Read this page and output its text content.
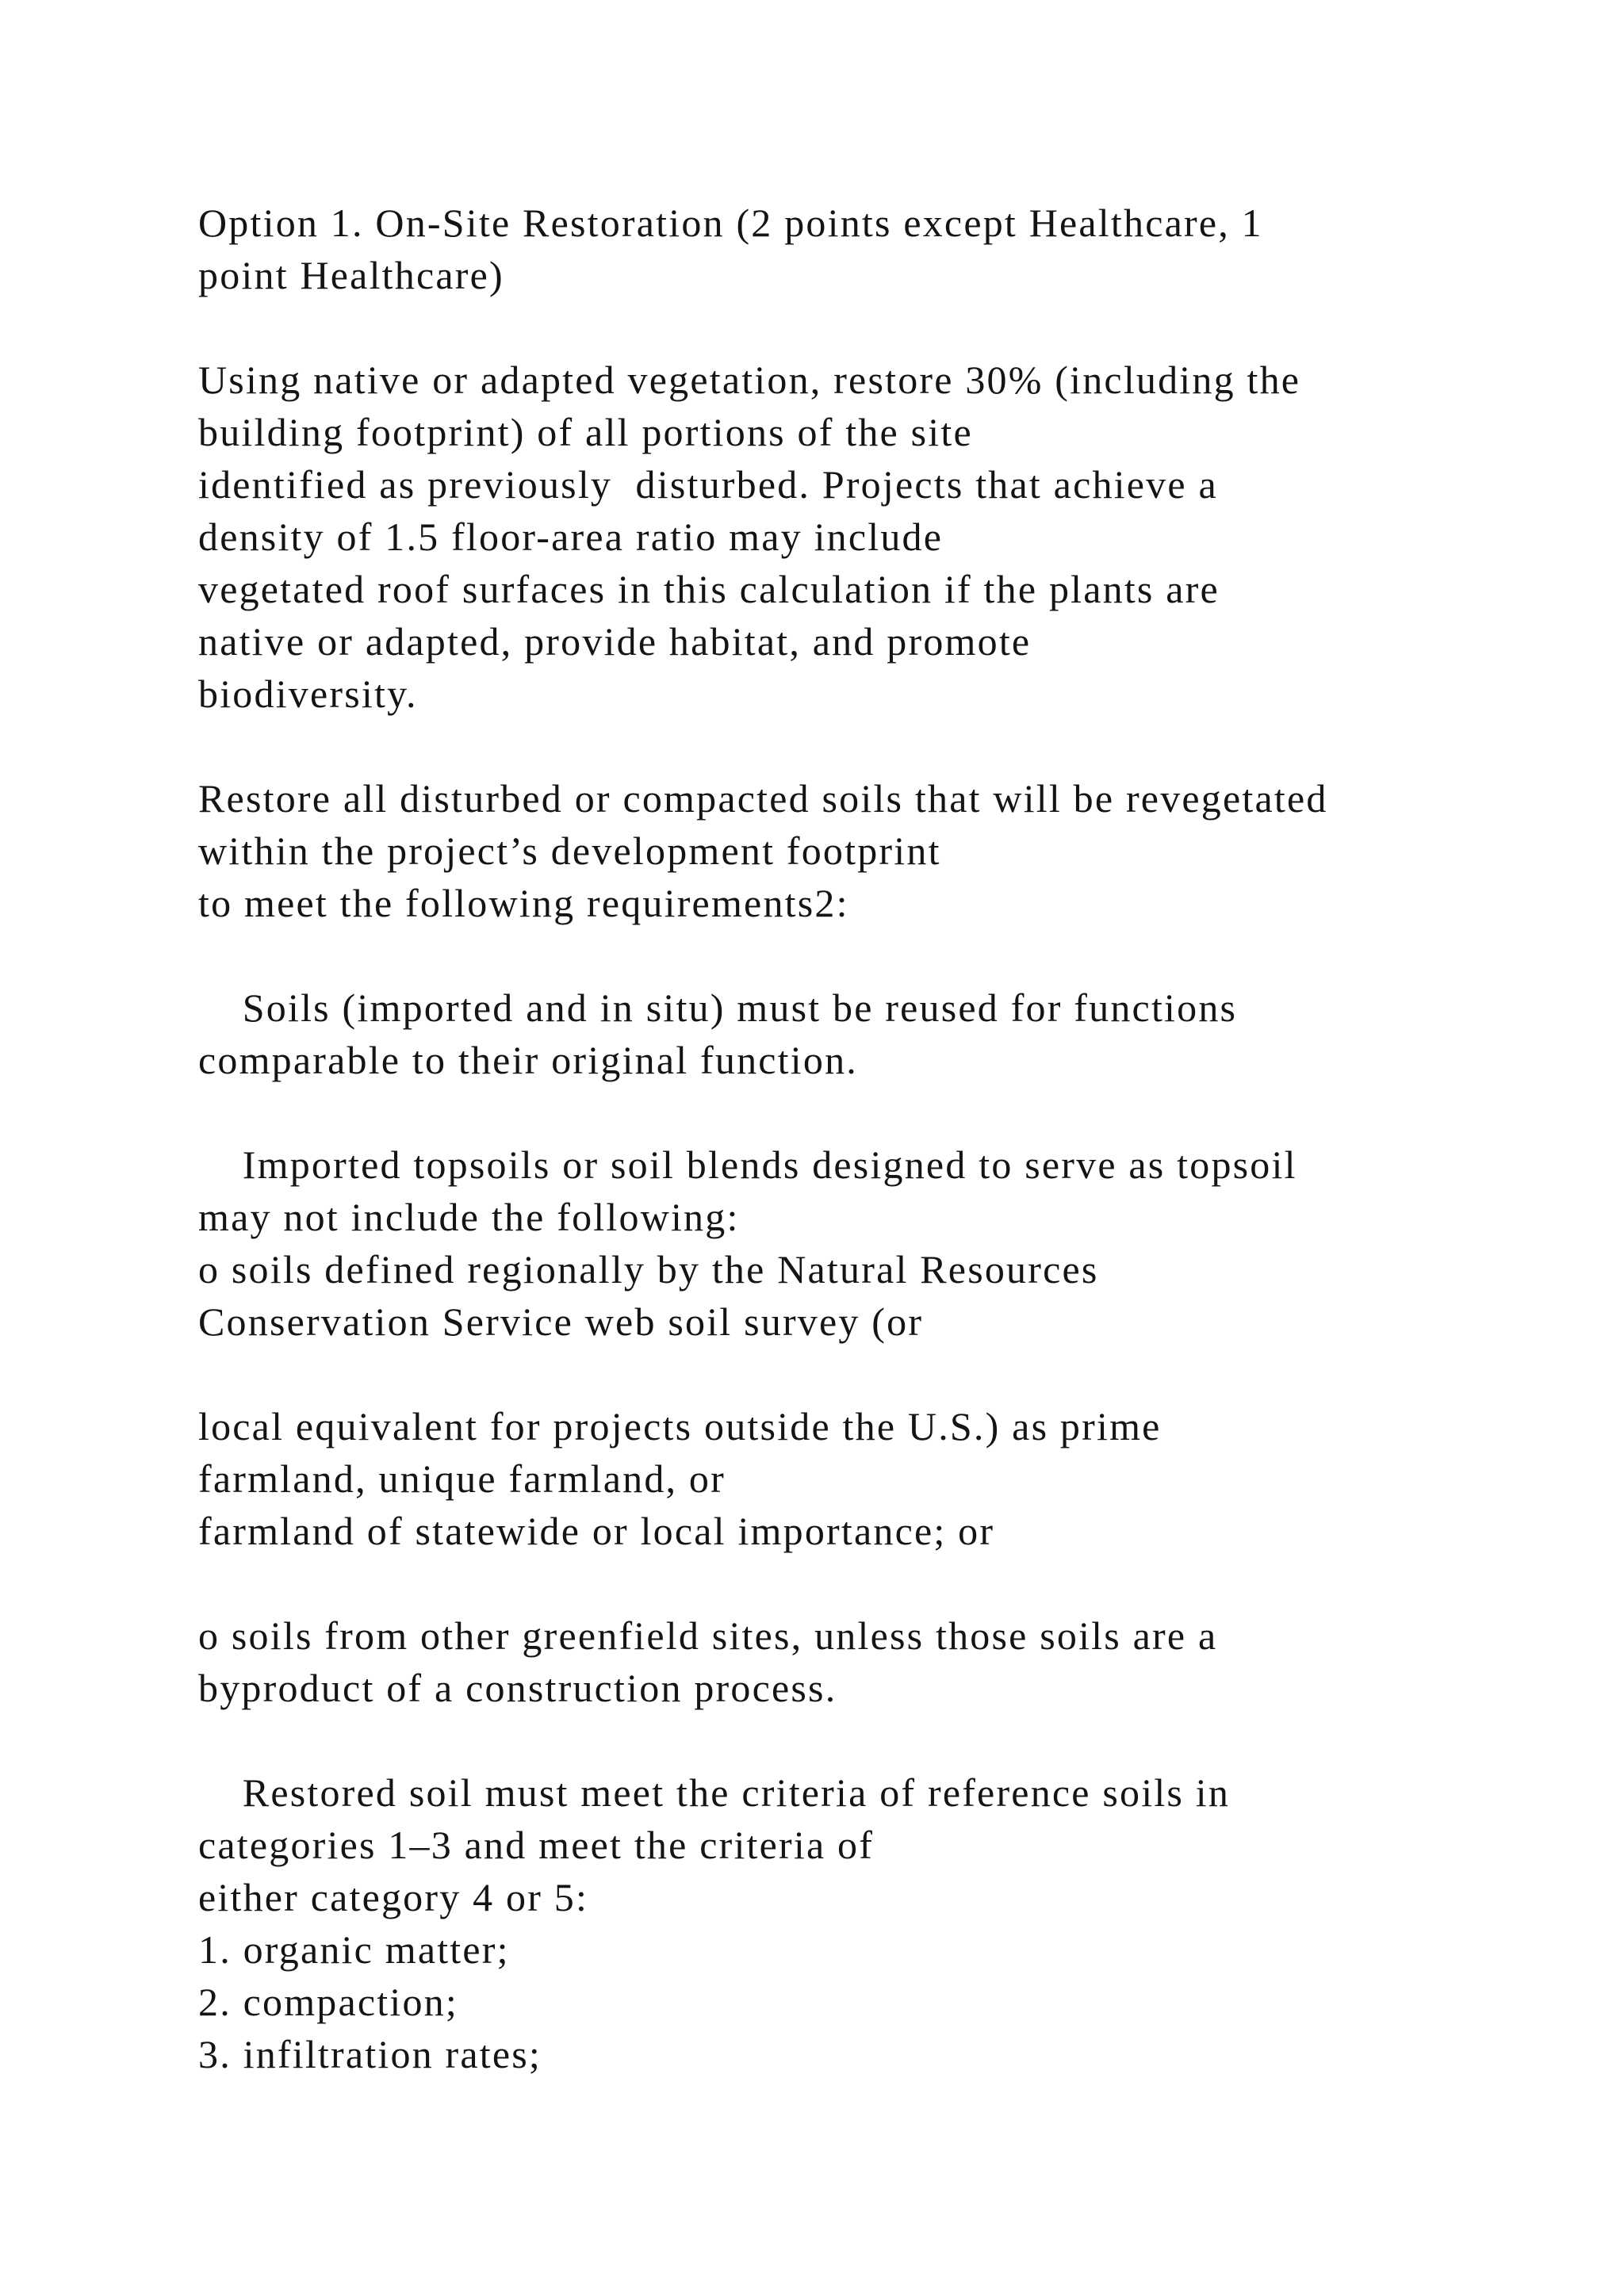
Option 1. On-Site Restoration (2 points except Healthcare, 1
point Healthcare)
Using native or adapted vegetation, restore 30% (including the
building footprint) of all portions of the site
identified as previously  disturbed. Projects that achieve a
density of 1.5 floor-area ratio may include
vegetated roof surfaces in this calculation if the plants are
native or adapted, provide habitat, and promote
biodiversity.
Restore all disturbed or compacted soils that will be revegetated
within the project’s development footprint
to meet the following requirements2:
Soils (imported and in situ) must be reused for functions
comparable to their original function.
Imported topsoils or soil blends designed to serve as topsoil
may not include the following:
o soils defined regionally by the Natural Resources
Conservation Service web soil survey (or
local equivalent for projects outside the U.S.) as prime
farmland, unique farmland, or
farmland of statewide or local importance; or
o soils from other greenfield sites, unless those soils are a
byproduct of a construction process.
Restored soil must meet the criteria of reference soils in
categories 1–3 and meet the criteria of
either category 4 or 5:
1. organic matter;
2. compaction;
3. infiltration rates;
